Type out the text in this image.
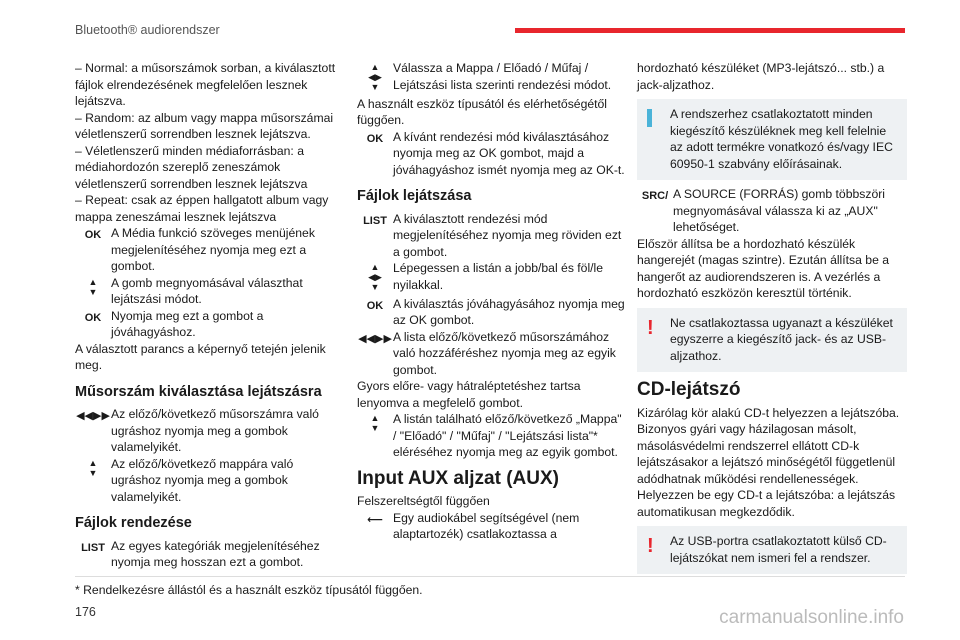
Bluetooth® audiorendszer

– Normal: a műsorszámok sorban, a kiválasztott fájlok elrendezésének megfelelően lesznek lejátszva.

– Random: az album vagy mappa műsorszámai véletlenszerű sorrendben lesznek lejátszva.

– Véletlenszerű minden médiaforrásban: a médiahordozón szereplő zeneszámok véletlenszerű sorrendben lesznek lejátszva

– Repeat: csak az éppen hallgatott album vagy mappa zeneszámai lesznek lejátszva

OK A Média funkció szöveges menüjének megjelenítéséhez nyomja meg ezt a gombot.
▲
▼
A gomb megnyomásával választhat lejátszási módot.
OK Nyomja meg ezt a gombot a jóváhagyáshoz.

A választott parancs a képernyő tetején jelenik meg.

Műsorszám kiválasztása lejátszásra
◀◀▶▶ Az előző/következő műsorszámra való ugráshoz nyomja meg a gombok valamelyikét.
▲
▼
Az előző/következő mappára való ugráshoz nyomja meg a gombok valamelyikét.
Fájlok rendezése
LIST Az egyes kategóriák megjelenítéséhez nyomja meg hosszan ezt a gombot.
▲
◀▶
▼
Válassza a Mappa / Előadó / Műfaj / Lejátszási lista szerinti rendezési módot.

A használt eszköz típusától és elérhetőségétől függően.

OK A kívánt rendezési mód kiválasztásához nyomja meg az OK gombot, majd a jóváhagyáshoz ismét nyomja meg az OK-t.
Fájlok lejátszása
LIST A kiválasztott rendezési mód megjelenítéséhez nyomja meg röviden ezt a gombot.
▲
◀▶
▼
Lépegessen a listán a jobb/bal és föl/le nyilakkal.
OK A kiválasztás jóváhagyásához nyomja meg az OK gombot.
◀◀▶▶ A lista előző/következő műsorszámához való hozzáféréshez nyomja meg az egyik gombot.

Gyors előre- vagy hátraléptetéshez tartsa lenyomva a megfelelő gombot.

▲
▼
A listán található előző/következő „Mappa" / "Előadó" / "Műfaj" / "Lejátszási lista"* eléréséhez nyomja meg az egyik gombot.
Input AUX aljzat (AUX)

Felszereltségtől függően

⟵ Egy audiokábel segítségével (nem alaptartozék) csatlakoztassa a

hordozható készüléket (MP3-lejátszó... stb.) a jack-aljzathoz.

A rendszerhez csatlakoztatott minden kiegészítő készüléknek meg kell felelnie az adott termékre vonatkozó és/vagy IEC 60950-1 szabvány előírásainak.
SRC/ A SOURCE (FORRÁS) gomb többszöri megnyomásával válassza ki az „AUX" lehetőséget.

Először állítsa be a hordozható készülék hangerejét (magas szintre). Ezután állítsa be a hangerőt az audiorendszeren is. A vezérlés a hordozható eszközön keresztül történik.

!	Ne csatlakoztassa ugyanazt a készüléket egyszerre a kiegészítő jack- és az USB-aljzathoz.
CD-lejátszó

Kizárólag kör alakú CD-t helyezzen a lejátszóba. Bizonyos gyári vagy házilagosan másolt, másolásvédelmi rendszerrel ellátott CD-k lejátszásakor a lejátszó minőségétől függetlenül adódhatnak működési rendellenességek. Helyezzen be egy CD-t a lejátszóba: a lejátszás automatikusan megkezdődik.

!	Az USB-portra csatlakoztatott külső CD-lejátszókat nem ismeri fel a rendszer.
* Rendelkezésre állástól és a használt eszköz típusától függően.
176	carmanualsonline.info
